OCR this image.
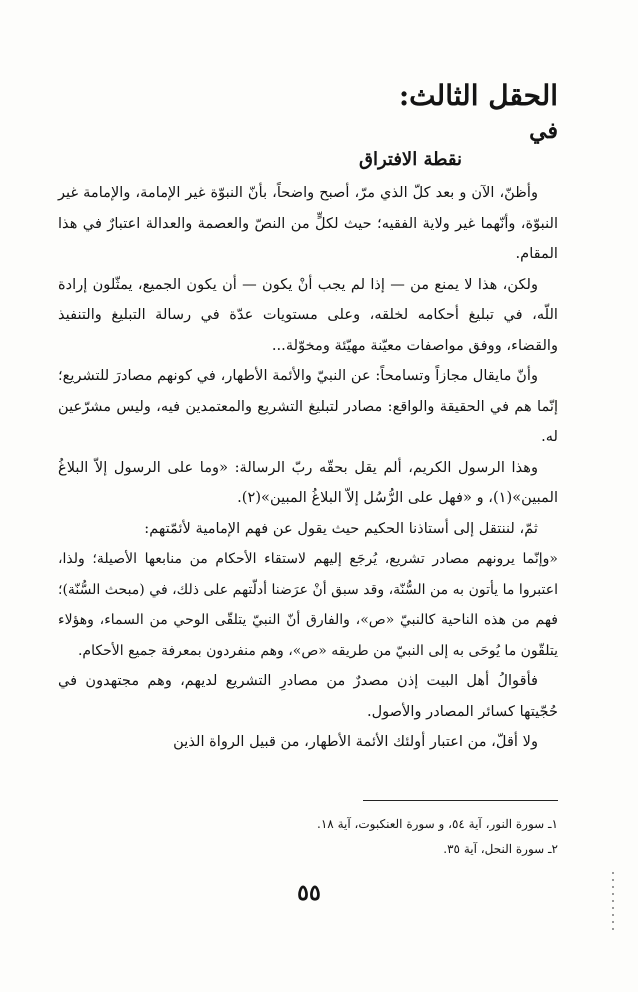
الحقل الثالث:
في
نقطة الافتراق

وأظنّ، الآن و بعد كلّ الذي مرّ، أصبح واضحاً، بأنّ النبوّة غير الإمامة، والإمامة غير النبوّة، وأنّهما غير ولاية الفقيه؛ حيث لكلٍّ من النصّ والعصمة والعدالة اعتبارٌ في هذا المقام.

ولكن، هذا لا يمنع من — إذا لم يجب أنْ يكون — أن يكون الجميع، يمثّلون إرادة اللّه، في تبليغ أحكامه لخلقه، وعلى مستويات عدّة في رسالة التبليغ والتنفيذ والقضاء، ووفق مواصفات معيّنة مهيّئة ومخوّلة...

وأنّ مايقال مجازاً وتسامحاً: عن النبيّ والأئمة الأطهار، في كونهم مصادرَ للتشريع؛ إنّما هم في الحقيقة والواقع: مصادر لتبليغ التشريع والمعتمدين فيه، وليس مشرّعين له.

وهذا الرسول الكريم، ألم يقل بحقّه ربّ الرسالة: «وما على الرسول إلاّ البلاغُ المبين»(١)، و «فهل على الرُّسُل إلاّ البلاغُ المبين»(٢).

ثمّ، لننتقل إلى أستاذنا الحكيم حيث يقول عن فهم الإمامية لأئمّتهم:

«وإنّما يرونهم مصادر تشريع، يُرجَع إليهم لاستقاء الأحكام من منابعها الأصيلة؛ ولذا، اعتبروا ما يأتون به من السُّنّة، وقد سبق أنْ عرَضنا أدلّتهم على ذلك، في (مبحث السُّنّة)؛ فهم من هذه الناحية كالنبيّ «ص»، والفارق أنّ النبيّ يتلقّى الوحي من السماء، وهؤلاء يتلقّون ما يُوحَى به إلى النبيّ من طريقه «ص»، وهم منفردون بمعرفة جميع الأحكام.

فأقوالُ أهل البيت إذن مصدرٌ من مصادرِ التشريع لديهم، وهم مجتهدون في حُجّيتها كسائر المصادر والأصول.

ولا أقلّ، من اعتبار أولئك الأئمة الأطهار، من قبيل الرواة الذين

١ـ سورة النور، آية ٥٤، و سورة العنكبوت، آية ١٨.

٢ـ سورة النحل، آية ٣٥.

٥٥
